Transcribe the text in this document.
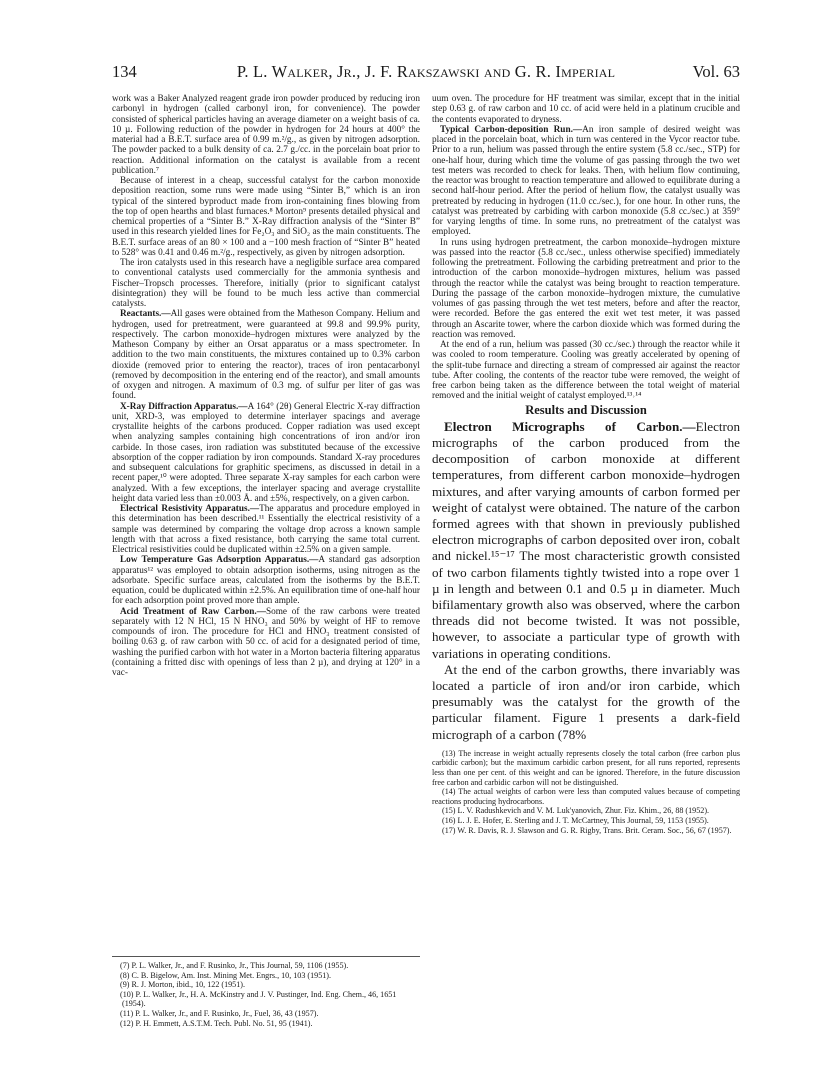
134	P. L. Walker, Jr., J. F. Rakszawski and G. R. Imperial	Vol. 63

work was a Baker Analyzed reagent grade iron powder produced by reducing iron carbonyl in hydrogen (called carbonyl iron, for convenience). The powder consisted of spherical particles having an average diameter on a weight basis of ca. 10 µ. Following reduction of the powder in hydrogen for 24 hours at 400° the material had a B.E.T. surface area of 0.99 m.²/g., as given by nitrogen adsorption. The powder packed to a bulk density of ca. 2.7 g./cc. in the porcelain boat prior to reaction. Additional information on the catalyst is available from a recent publication.⁷

Because of interest in a cheap, successful catalyst for the carbon monoxide deposition reaction, some runs were made using “Sinter B,” which is an iron typical of the sintered byproduct made from iron-containing fines blowing from the top of open hearths and blast furnaces.⁸ Morton⁹ presents detailed physical and chemical properties of a “Sinter B.” X-Ray diffraction analysis of the “Sinter B” used in this research yielded lines for Fe₂O₃ and SiO₂ as the main constituents. The B.E.T. surface areas of an 80 × 100 and a −100 mesh fraction of “Sinter B” heated to 528° was 0.41 and 0.46 m.²/g., respectively, as given by nitrogen adsorption.

The iron catalysts used in this research have a negligible surface area compared to conventional catalysts used commercially for the ammonia synthesis and Fischer–Tropsch processes. Therefore, initially (prior to significant catalyst disintegration) they will be found to be much less active than commercial catalysts.

Reactants.—All gases were obtained from the Matheson Company. Helium and hydrogen, used for pretreatment, were guaranteed at 99.8 and 99.9% purity, respectively. The carbon monoxide–hydrogen mixtures were analyzed by the Matheson Company by either an Orsat apparatus or a mass spectrometer. In addition to the two main constituents, the mixtures contained up to 0.3% carbon dioxide (removed prior to entering the reactor), traces of iron pentacarbonyl (removed by decomposition in the entering end of the reactor), and small amounts of oxygen and nitrogen. A maximum of 0.3 mg. of sulfur per liter of gas was found.

X-Ray Diffraction Apparatus.—A 164° (2θ) General Electric X-ray diffraction unit, XRD-3, was employed to determine interlayer spacings and average crystallite heights of the carbons produced. Copper radiation was used except when analyzing samples containing high concentrations of iron and/or iron carbide. In those cases, iron radiation was substituted because of the excessive absorption of the copper radiation by iron compounds. Standard X-ray procedures and subsequent calculations for graphitic specimens, as discussed in detail in a recent paper,¹⁰ were adopted. Three separate X-ray samples for each carbon were analyzed. With a few exceptions, the interlayer spacing and average crystallite height data varied less than ±0.003 Å. and ±5%, respectively, on a given carbon.

Electrical Resistivity Apparatus.—The apparatus and procedure employed in this determination has been described.¹¹ Essentially the electrical resistivity of a sample was determined by comparing the voltage drop across a known sample length with that across a fixed resistance, both carrying the same total current. Electrical resistivities could be duplicated within ±2.5% on a given sample.

Low Temperature Gas Adsorption Apparatus.—A standard gas adsorption apparatus¹² was employed to obtain adsorption isotherms, using nitrogen as the adsorbate. Specific surface areas, calculated from the isotherms by the B.E.T. equation, could be duplicated within ±2.5%. An equilibration time of one-half hour for each adsorption point proved more than ample.

Acid Treatment of Raw Carbon.—Some of the raw carbons were treated separately with 12 N HCl, 15 N HNO₃ and 50% by weight of HF to remove compounds of iron. The procedure for HCl and HNO₃ treatment consisted of boiling 0.63 g. of raw carbon with 50 cc. of acid for a designated period of time, washing the purified carbon with hot water in a Morton bacteria filtering apparatus (containing a fritted disc with openings of less than 2 µ), and drying at 120° in a vac-

(7) P. L. Walker, Jr., and F. Rusinko, Jr., This Journal, 59, 1106 (1955).

(8) C. B. Bigelow, Am. Inst. Mining Met. Engrs., 10, 103 (1951).

(9) R. J. Morton, ibid., 10, 122 (1951).

(10) P. L. Walker, Jr., H. A. McKinstry and J. V. Pustinger, Ind. Eng. Chem., 46, 1651 (1954).

(11) P. L. Walker, Jr., and F. Rusinko, Jr., Fuel, 36, 43 (1957).

(12) P. H. Emmett, A.S.T.M. Tech. Publ. No. 51, 95 (1941).

uum oven. The procedure for HF treatment was similar, except that in the initial step 0.63 g. of raw carbon and 10 cc. of acid were held in a platinum crucible and the contents evaporated to dryness.

Typical Carbon-deposition Run.—An iron sample of desired weight was placed in the porcelain boat, which in turn was centered in the Vycor reactor tube. Prior to a run, helium was passed through the entire system (5.8 cc./sec., STP) for one-half hour, during which time the volume of gas passing through the two wet test meters was recorded to check for leaks. Then, with helium flow continuing, the reactor was brought to reaction temperature and allowed to equilibrate during a second half-hour period. After the period of helium flow, the catalyst usually was pretreated by reducing in hydrogen (11.0 cc./sec.), for one hour. In other runs, the catalyst was pretreated by carbiding with carbon monoxide (5.8 cc./sec.) at 359° for varying lengths of time. In some runs, no pretreatment of the catalyst was employed.

In runs using hydrogen pretreatment, the carbon monoxide–hydrogen mixture was passed into the reactor (5.8 cc./sec., unless otherwise specified) immediately following the pretreatment. Following the carbiding pretreatment and prior to the introduction of the carbon monoxide–hydrogen mixtures, helium was passed through the reactor while the catalyst was being brought to reaction temperature. During the passage of the carbon monoxide–hydrogen mixture, the cumulative volumes of gas passing through the wet test meters, before and after the reactor, were recorded. Before the gas entered the exit wet test meter, it was passed through an Ascarite tower, where the carbon dioxide which was formed during the reaction was removed.

At the end of a run, helium was passed (30 cc./sec.) through the reactor while it was cooled to room temperature. Cooling was greatly accelerated by opening of the split-tube furnace and directing a stream of compressed air against the reactor tube. After cooling, the contents of the reactor tube were removed, the weight of free carbon being taken as the difference between the total weight of material removed and the initial weight of catalyst employed.¹³˒¹⁴

Results and Discussion

Electron Micrographs of Carbon.—Electron micrographs of the carbon produced from the decomposition of carbon monoxide at different temperatures, from different carbon monoxide–hydrogen mixtures, and after varying amounts of carbon formed per weight of catalyst were obtained. The nature of the carbon formed agrees with that shown in previously published electron micrographs of carbon deposited over iron, cobalt and nickel.¹⁵⁻¹⁷ The most characteristic growth consisted of two carbon filaments tightly twisted into a rope over 1 µ in length and between 0.1 and 0.5 µ in diameter. Much bifilamentary growth also was observed, where the carbon threads did not become twisted. It was not possible, however, to associate a particular type of growth with variations in operating conditions.

At the end of the carbon growths, there invariably was located a particle of iron and/or iron carbide, which presumably was the catalyst for the growth of the particular filament. Figure 1 presents a dark-field micrograph of a carbon (78%

(13) The increase in weight actually represents closely the total carbon (free carbon plus carbidic carbon); but the maximum carbidic carbon present, for all runs reported, represents less than one per cent. of this weight and can be ignored. Therefore, in the future discussion free carbon and carbidic carbon will not be distinguished.

(14) The actual weights of carbon were less than computed values because of competing reactions producing hydrocarbons.

(15) L. V. Radushkevich and V. M. Luk'yanovich, Zhur. Fiz. Khim., 26, 88 (1952).

(16) L. J. E. Hofer, E. Sterling and J. T. McCartney, This Journal, 59, 1153 (1955).

(17) W. R. Davis, R. J. Slawson and G. R. Rigby, Trans. Brit. Ceram. Soc., 56, 67 (1957).
